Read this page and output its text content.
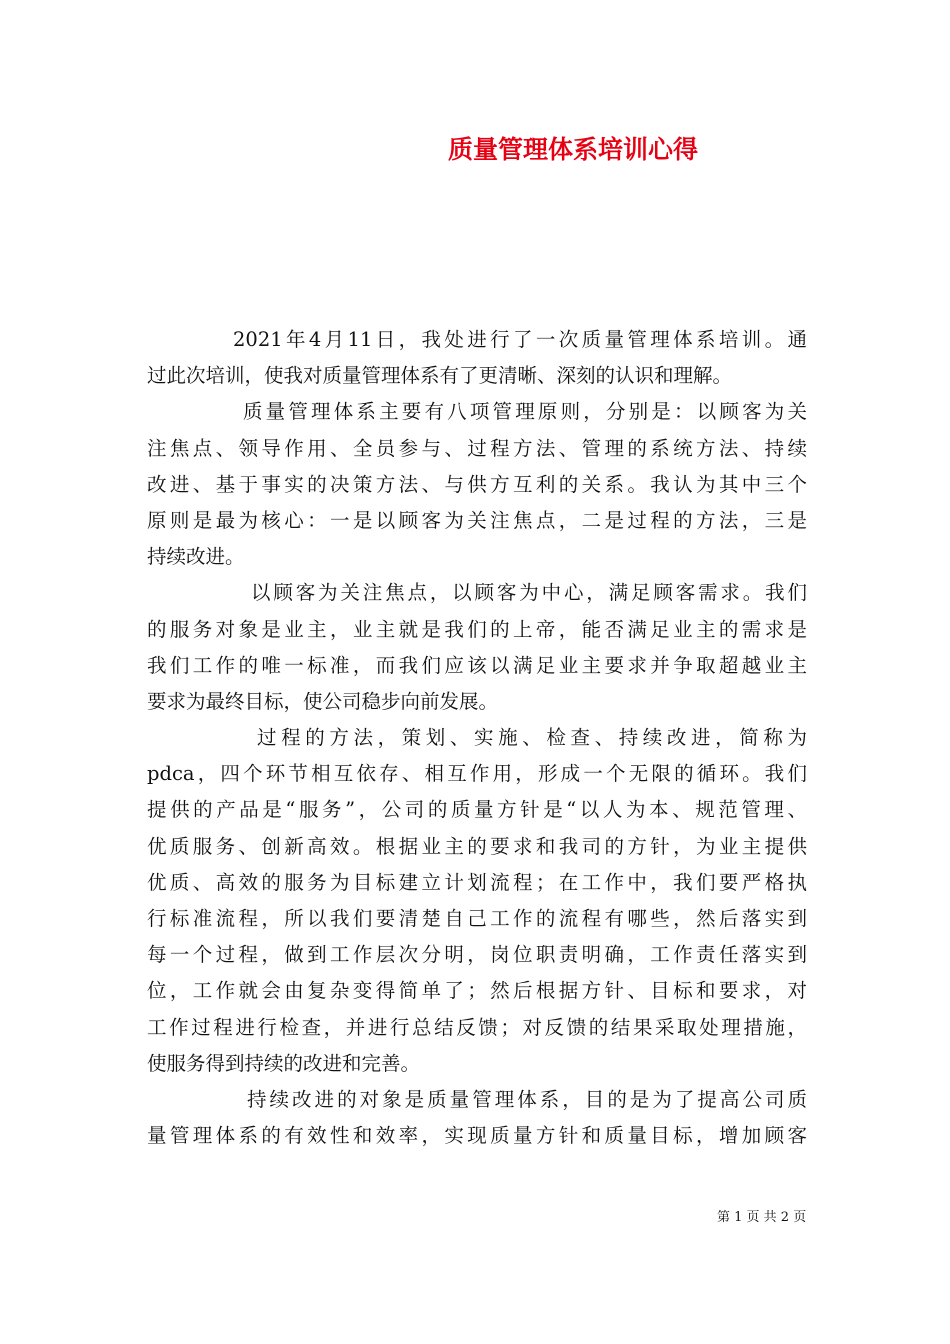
质量管理体系培训心得

2021年4月11日，我处进行了一次质量管理体系培训。通
过此次培训，使我对质量管理体系有了更清晰、深刻的认识和理解。

质量管理体系主要有八项管理原则，分别是：以顾客为关
注焦点、领导作用、全员参与、过程方法、管理的系统方法、持续
改进、基于事实的决策方法、与供方互利的关系。我认为其中三个
原则是最为核心：一是以顾客为关注焦点，二是过程的方法，三是
持续改进。

以顾客为关注焦点，以顾客为中心，满足顾客需求。我们
的服务对象是业主，业主就是我们的上帝，能否满足业主的需求是
我们工作的唯一标准，而我们应该以满足业主要求并争取超越业主
要求为最终目标，使公司稳步向前发展。

过程的方法，策划、实施、检查、持续改进，简称为
pdca，四个环节相互依存、相互作用，形成一个无限的循环。我们
提供的产品是“服务”，公司的质量方针是“以人为本、规范管理、
优质服务、创新高效。根据业主的要求和我司的方针，为业主提供
优质、高效的服务为目标建立计划流程；在工作中，我们要严格执
行标准流程，所以我们要清楚自己工作的流程有哪些，然后落实到
每一个过程，做到工作层次分明，岗位职责明确，工作责任落实到
位，工作就会由复杂变得简单了；然后根据方针、目标和要求，对
工作过程进行检查，并进行总结反馈；对反馈的结果采取处理措施，
使服务得到持续的改进和完善。

持续改进的对象是质量管理体系，目的是为了提高公司质
量管理体系的有效性和效率，实现质量方针和质量目标，增加顾客

第 1 页 共 2 页
